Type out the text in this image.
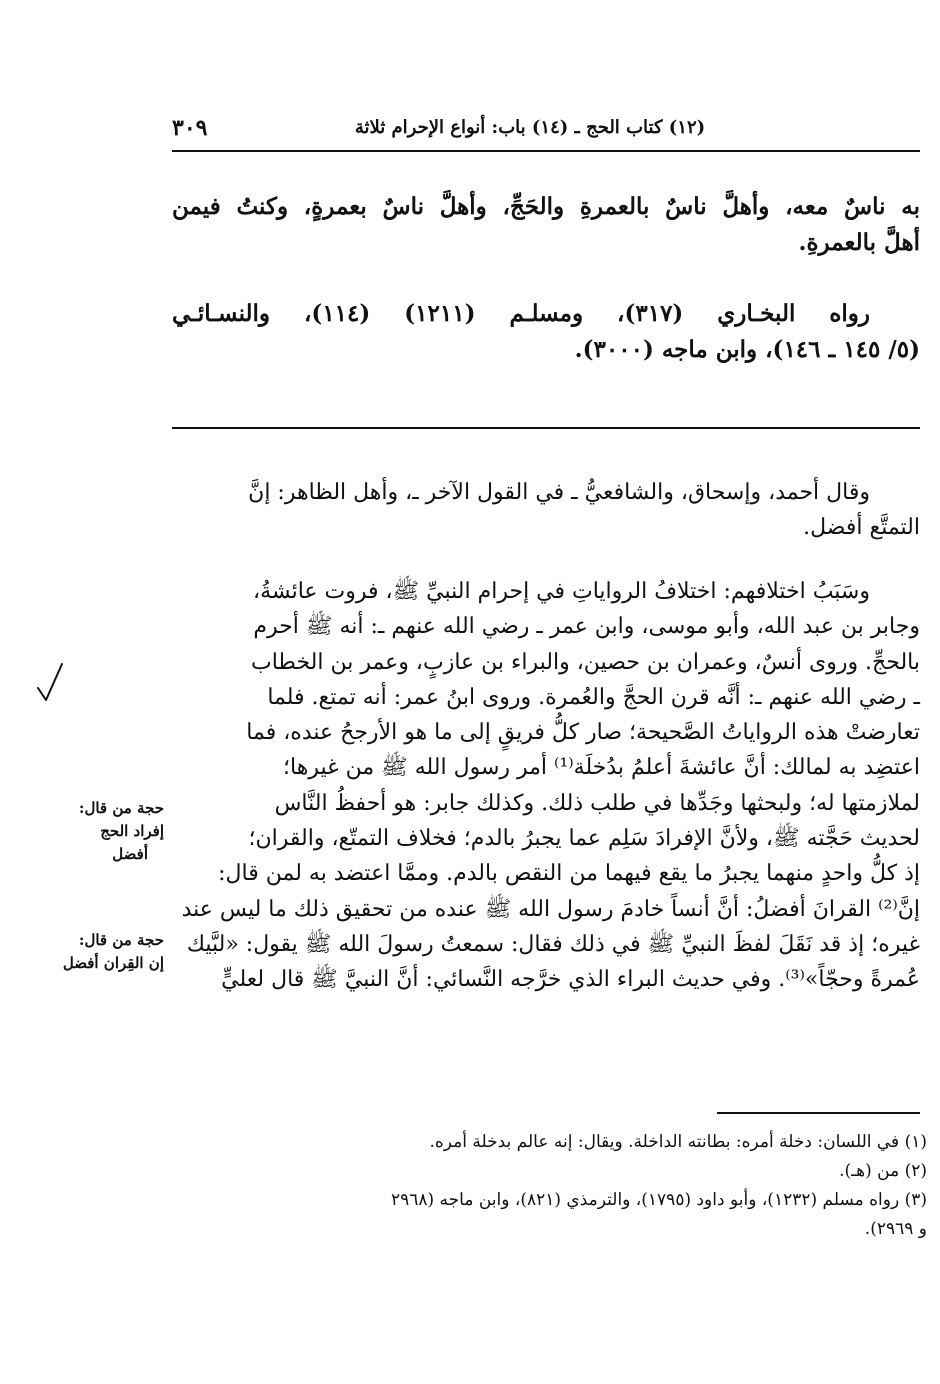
(١٢) كتاب الحج ـ (١٤) باب: أنواع الإحرام ثلاثة
٣٠٩
به ناسٌ معه، وأهلَّ ناسٌ بالعمرةِ والحَجِّ، وأهلَّ ناسٌ بعمرةٍ، وكنتُ فيمن
أهلَّ بالعمرةِ.
رواه البخـاري (٣١٧)، ومسلـم (١٢١١) (١١٤)، والنسـائـي
(٥/ ١٤٥ ـ ١٤٦)، وابن ماجه (٣٠٠٠).
وقال أحمد، وإسحاق، والشافعيُّ ـ في القول الآخر ـ، وأهل الظاهر: إنَّ
التمتَّع أفضل.
وسَبَبُ اختلافهم: اختلافُ الرواياتِ في إحرام النبيِّ ﷺ، فروت عائشةُ،
وجابر بن عبد الله، وأبو موسى، وابن عمر ـ رضي الله عنهم ـ: أنه ﷺ أحرم
بالحجِّ. وروى أنسٌ، وعمران بن حصين، والبراء بن عازبٍ، وعمر بن الخطاب
ـ رضي الله عنهم ـ: أنَّه قرن الحجَّ والعُمرة. وروى ابنُ عمر: أنه تمتع. فلما
تعارضتْ هذه الرواياتُ الصَّحيحة؛ صار كلُّ فريقٍ إلى ما هو الأرجحُ عنده، فما
اعتضِد به لمالك: أنَّ عائشةَ أعلمُ بدُخلَة⁽¹⁾ أمر رسول الله ﷺ من غيرها؛
لملازمتها له؛ ولبحثها وجَدِّها في طلب ذلك. وكذلك جابر: هو أحفظُ النَّاس
لحديث حَجَّته ﷺ، ولأنَّ الإفرادَ سَلِم عما يجبرُ بالدم؛ فخلاف التمتّع، والقران؛
إذ كلُّ واحدٍ منهما يجبرُ ما يقع فيهما من النقص بالدم. وممَّا اعتضد به لمن قال:
إنَّ⁽²⁾ القرانَ أفضلُ: أنَّ أنساً خادمَ رسول الله ﷺ عنده من تحقيق ذلك ما ليس عند
غيره؛ إذ قد نَقَلَ لفظَ النبيِّ ﷺ في ذلك فقال: سمعتُ رسولَ الله ﷺ يقول: «لبَّيك
عُمرةً وحجّاً»⁽³⁾. وفي حديث البراء الذي خرَّجه النَّسائي: أنَّ النبيَّ ﷺ قال لعليٍّ
حجة من قال:
إفراد الحج
أفضل
حجة من قال:
إن القِران أفضل
(١) في اللسان: دخلة أمره: بطانته الداخلة. ويقال: إنه عالم بدخلة أمره.
(٢) من (هـ).
(٣) رواه مسلم (١٢٣٢)، وأبو داود (١٧٩٥)، والترمذي (٨٢١)، وابن ماجه (٢٩٦٨
و ٢٩٦٩).
